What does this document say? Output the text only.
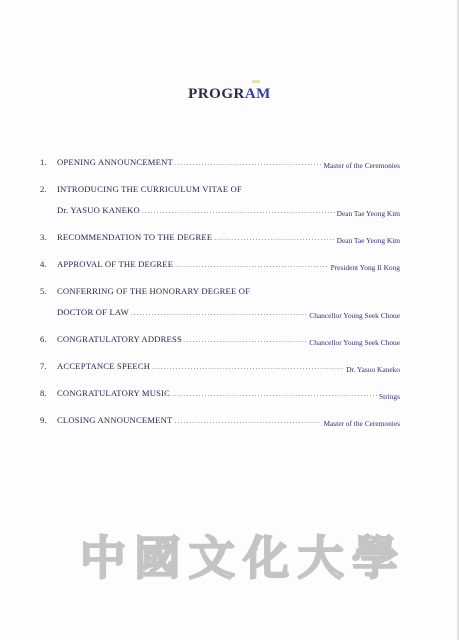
PROGRAM
1.	OPENING ANNOUNCEMENT .....	Master of the Ceremonies
2.	INTRODUCING THE CURRICULUM VITAE OF
Dr. YASUO KANEKO .....	Dean Tae Yeong Kim
3.	RECOMMENDATION TO THE DEGREE .....	Dean Tae Yeong Kim
4.	APPROVAL OF THE DEGREE .....	President Yong Il Kong
5.	CONFERRING OF THE HONORARY DEGREE OF
DOCTOR OF LAW .....	Chancellor Young Seek Choue
6.	CONGRATULATORY ADDRESS .....	Chancellor Young Seek Choue
7.	ACCEPTANCE SPEECH .....	Dr. Yasuo Kaneko
8.	CONGRATULATORY MUSIC .....	Strings
9.	CLOSING ANNOUNCEMENT .....	Master of the Ceremonies
中 國 文 化 大 學
